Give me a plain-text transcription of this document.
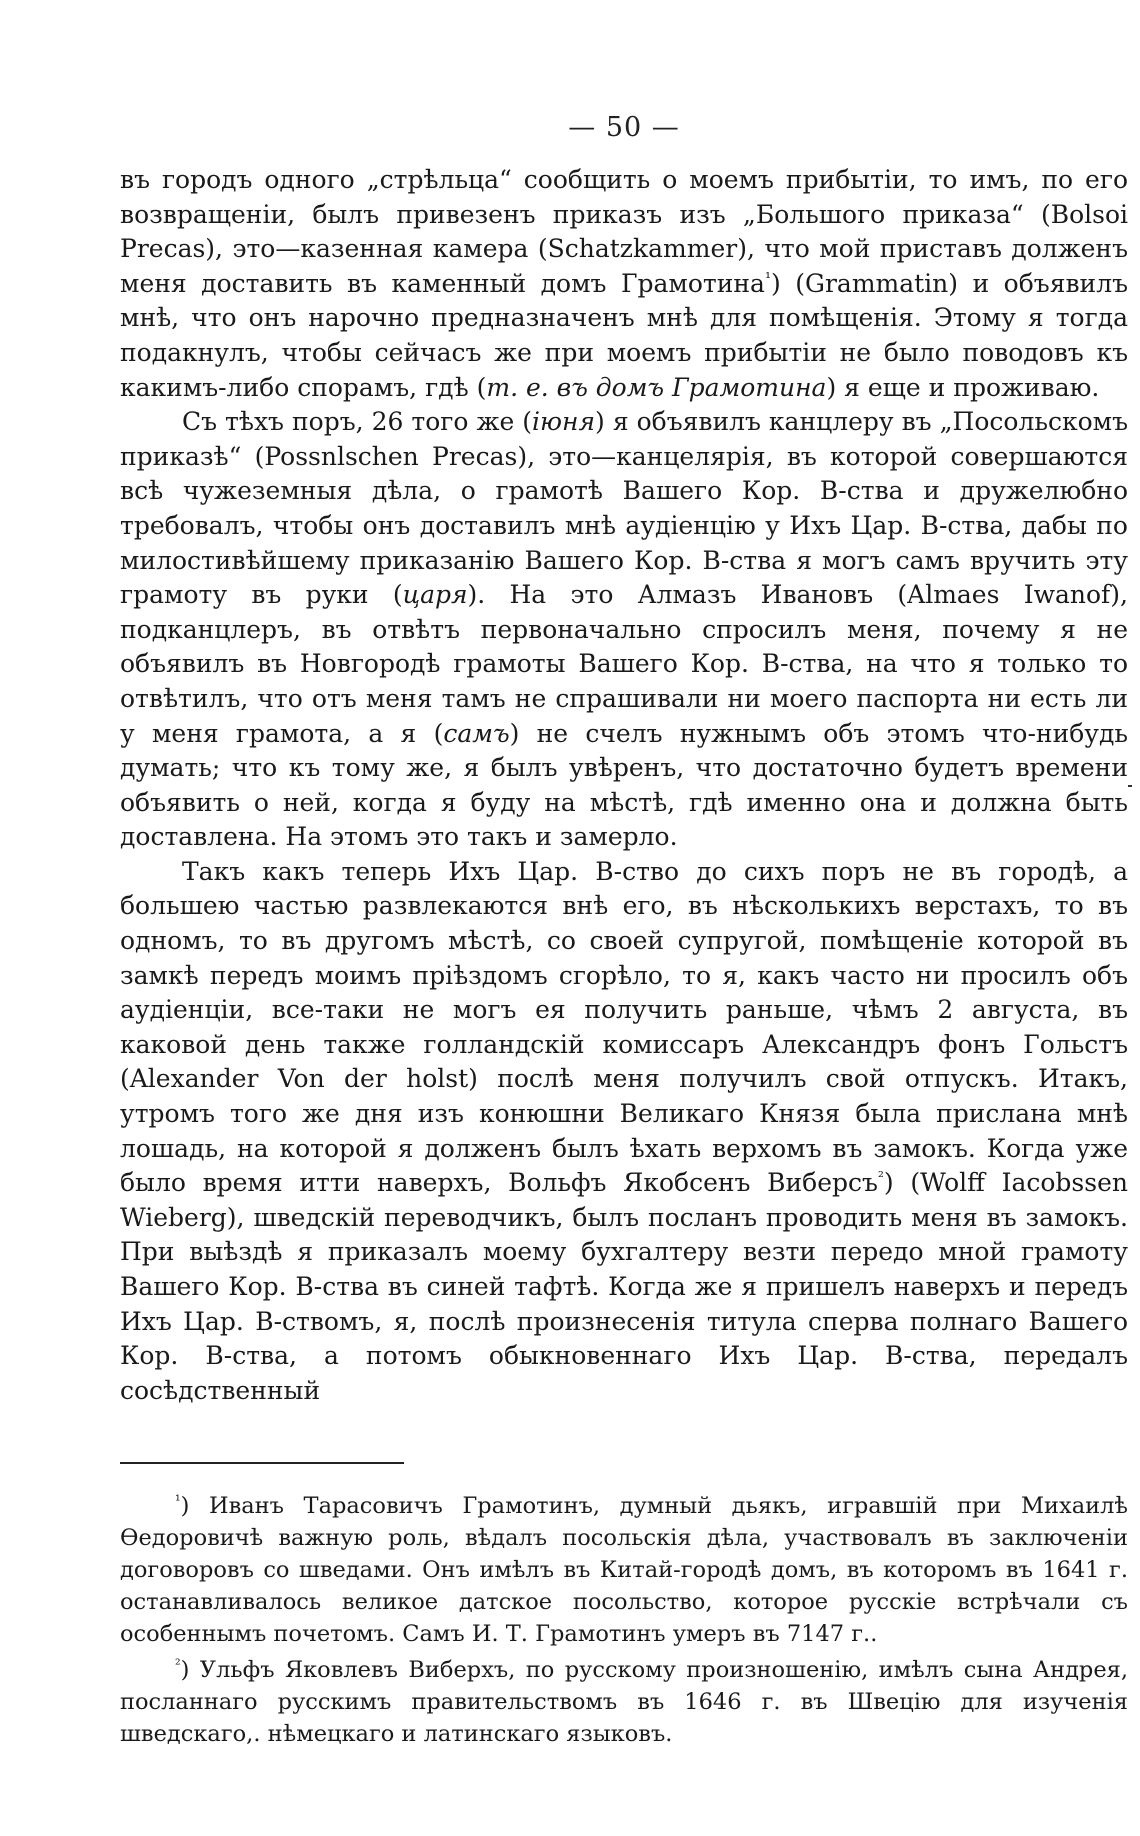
— 50 —

въ городъ одного „стрѣльца“ сообщить о моемъ прибытіи, то имъ, по его возвращеніи, былъ привезенъ приказъ изъ „Большого приказа“ (Bolsoi Precas), это—казенная камера (Schatzkammer), что мой приставъ долженъ меня доставить въ каменный домъ Грамотина$^{^1}$) (Grammatin) и объявилъ мнѣ, что онъ нарочно предназначенъ мнѣ для помѣщенія. Этому я тогда подакнулъ, чтобы сейчасъ же при моемъ прибытіи не было поводовъ къ какимъ-либо спорамъ, гдѣ (т. е. въ домъ Грамотина) я еще и проживаю.

Съ тѣхъ поръ, 26 того же (іюня) я объявилъ канцлеру въ „Посольскомъ приказѣ“ (Possnlschen Precas), это—канцелярія, въ которой совершаются всѣ чужеземныя дѣла, о грамотѣ Вашего Кор. В-ства и дружелюбно требовалъ, чтобы онъ доставилъ мнѣ аудіенцію у Ихъ Цар. В-ства, дабы по милостивѣйшему приказанію Вашего Кор. В-ства я могъ самъ вручить эту грамоту въ руки (царя). На это Алмазъ Ивановъ (Almaes Iwanof), подканцлеръ, въ отвѣтъ первоначально спросилъ меня, почему я не объявилъ въ Новгородѣ грамоты Вашего Кор. В-ства, на что я только то отвѣтилъ, что отъ меня тамъ не спрашивали ни моего паспорта ни есть ли у меня грамота, а я (самъ) не счелъ нужнымъ объ этомъ что-нибудь думать; что къ тому же, я былъ увѣренъ, что достаточно будетъ времени объявить о ней, когда я буду на мѣстѣ, гдѣ именно она и должна быть доставлена. На этомъ это такъ и замерло.

Такъ какъ теперь Ихъ Цар. В-ство до сихъ поръ не въ городѣ, а большею частью развлекаются внѣ его, въ нѣсколькихъ верстахъ, то въ одномъ, то въ другомъ мѣстѣ, со своей супругой, помѣщеніе которой въ замкѣ передъ моимъ пріѣздомъ сгорѣло, то я, какъ часто ни просилъ объ аудіенціи, все-таки не могъ ея получить раньше, чѣмъ 2 августа, въ каковой день также голландскій комиссаръ Александръ фонъ Гольстъ (Alexander Von der holst) послѣ меня получилъ свой отпускъ. Итакъ, утромъ того же дня изъ конюшни Великаго Князя была прислана мнѣ лошадь, на которой я долженъ былъ ѣхать верхомъ въ замокъ. Когда уже было время итти наверхъ, Вольфъ Якобсенъ Виберсъ$^{^2}$) (Wolff Iacobssen Wieberg), шведскій переводчикъ, былъ посланъ проводить меня въ замокъ. При выѣздѣ я приказалъ моему бухгалтеру везти передо мной грамоту Вашего Кор. В-ства въ синей тафтѣ. Когда же я пришелъ наверхъ и передъ Ихъ Цар. В-ствомъ, я, послѣ произнесенія титула сперва полнаго Вашего Кор. В-ства, а потомъ обыкновеннаго Ихъ Цар. В-ства, передалъ сосѣдственный

$^{^1}$) Иванъ Тарасовичъ Грамотинъ, думный дьякъ, игравшій при Михаилѣ Ѳедоровичѣ важную роль, вѣдалъ посольскія дѣла, участвовалъ въ заключеніи договоровъ со шведами. Онъ имѣлъ въ Китай-городѣ домъ, въ которомъ въ 1641 г. останавливалось великое датское посольство, которое русскіе встрѣчали съ особеннымъ почетомъ. Самъ И. Т. Грамотинъ умеръ въ 7147 г..

$^{^2}$) Ульфъ Яковлевъ Виберхъ, по русскому произношенію, имѣлъ сына Андрея, посланнаго русскимъ правительствомъ въ 1646 г. въ Швецію для изученія шведскаго,. нѣмецкаго и латинскаго языковъ.
